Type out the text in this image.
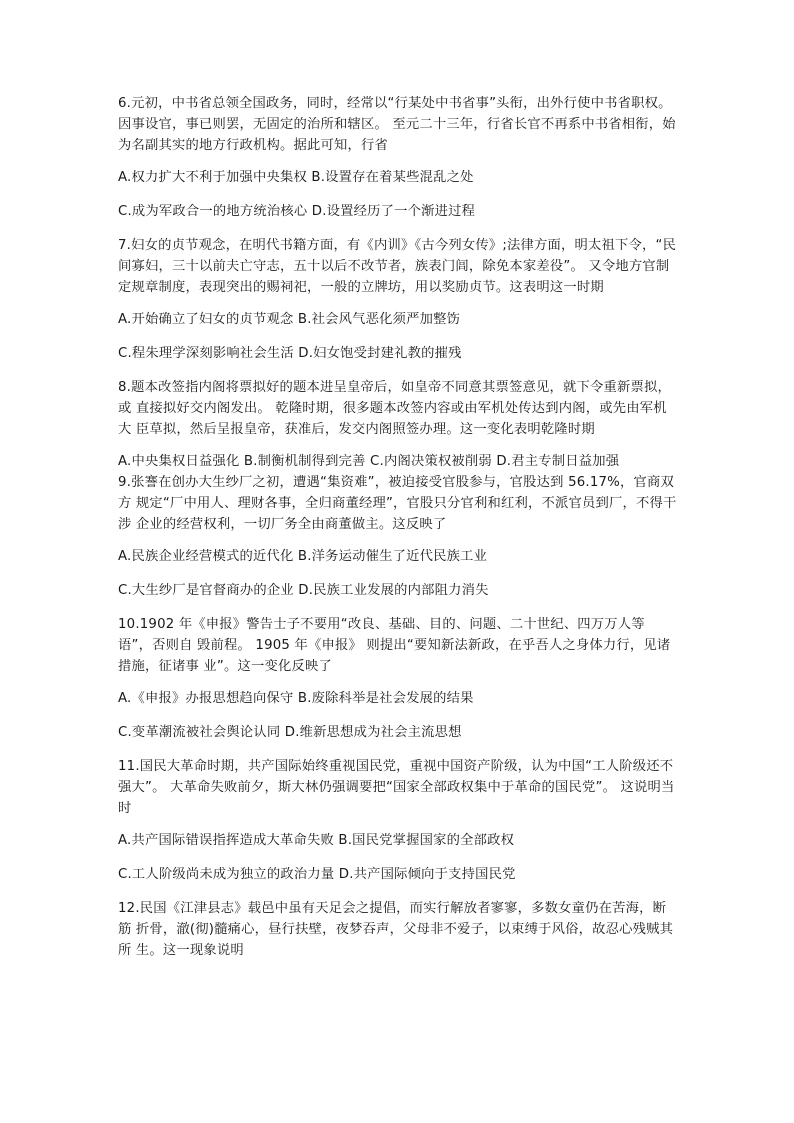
6.元初，中书省总领全国政务，同时，经常以“行某处中书省事”头衔，出外行使中书省职权。 因事设官，事已则罢，无固定的治所和辖区。 至元二十三年，行省长官不再系中书省相衔，始为名副其实的地方行政机构。据此可知，行省

A.权力扩大不利于加强中央集权 B.设置存在着某些混乱之处

C.成为军政合一的地方统治核心 D.设置经历了一个渐进过程

7.妇女的贞节观念，在明代书籍方面，有《内训》《古今列女传》;法律方面，明太祖下令，“民间寡妇，三十以前夫亡守志，五十以后不改节者，族表门闾，除免本家差役”。 又令地方官制定规章制度，表现突出的赐祠祀，一般的立牌坊，用以奖励贞节。这表明这一时期

A.开始确立了妇女的贞节观念 B.社会风气恶化须严加整饬

C.程朱理学深刻影响社会生活 D.妇女饱受封建礼教的摧残

8.题本改签指内阁将票拟好的题本进呈皇帝后，如皇帝不同意其票签意见，就下令重新票拟，或 直接拟好交内阁发出。 乾隆时期，很多题本改签内容或由军机处传达到内阁，或先由军机大 臣草拟，然后呈报皇帝，获准后，发交内阁照签办理。这一变化表明乾隆时期

A.中央集权日益强化 B.制衡机制得到完善 C.内阁决策权被削弱 D.君主专制日益加强

9.张謇在创办大生纱厂之初，遭遇“集资难”，被迫接受官股参与，官股达到 56.17%，官商双方 规定“厂中用人、理财各事，全归商董经理”，官股只分官利和红利，不派官员到厂，不得干涉 企业的经营权利，一切厂务全由商董做主。这反映了

A.民族企业经营模式的近代化 B.洋务运动催生了近代民族工业

C.大生纱厂是官督商办的企业 D.民族工业发展的内部阻力消失

10.1902 年《申报》警告士子不要用“改良、基础、目的、问题、二十世纪、四万万人等语”，否则自 毁前程。 1905 年《申报》 则提出“要知新法新政，在乎吾人之身体力行，见诸措施，征诸事 业”。这一变化反映了

A.《申报》办报思想趋向保守 B.废除科举是社会发展的结果

C.变革潮流被社会舆论认同 D.维新思想成为社会主流思想

11.国民大革命时期，共产国际始终重视国民党，重视中国资产阶级，认为中国“工人阶级还不强大”。 大革命失败前夕，斯大林仍强调要把“国家全部政权集中于革命的国民党”。 这说明当时

A.共产国际错误指挥造成大革命失败 B.国民党掌握国家的全部政权

C.工人阶级尚未成为独立的政治力量 D.共产国际倾向于支持国民党

12.民国《江津县志》载邑中虽有天足会之提倡，而实行解放者寥寥，多数女童仍在苦海，断筋 折骨，澈(彻)髓痛心，昼行扶壁，夜梦吞声，父母非不爱子，以束缚于风俗，故忍心残贼其所 生。这一现象说明
